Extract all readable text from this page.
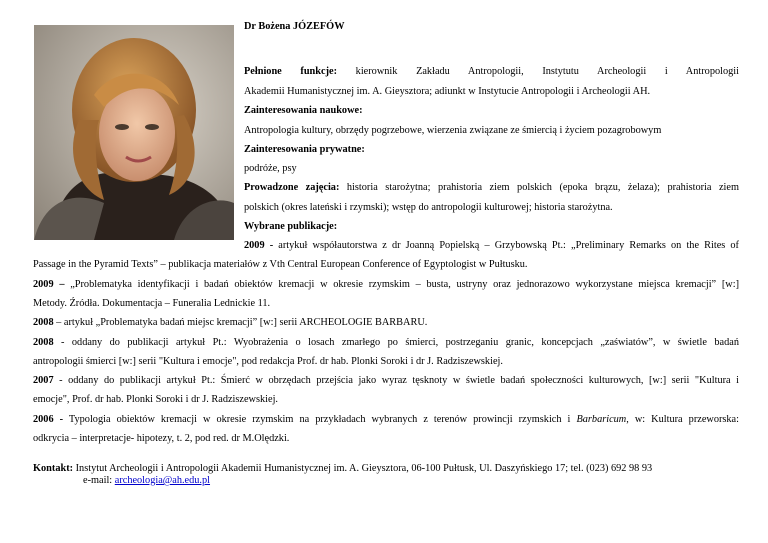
Dr Bożena JÓZEFÓW
Pełnione funkcje: kierownik Zakładu Antropologii, Instytutu Archeologii i Antropologii
Akademii Humanistycznej im. A. Gieysztora; adiunkt w Instytucie Antropologii i Archeologii AH.
Zainteresowania naukowe:
Antropologia kultury, obrzędy pogrzebowe, wierzenia związane ze śmiercią i życiem pozagrobowym
Zainteresowania prywatne:
podróże, psy
Prowadzone zajęcia: historia starożytna; prahistoria ziem polskich (epoka brązu, żelaza); prahistoria ziem
polskich (okres lateński i rzymski); wstęp do antropologii kulturowej; historia starożytna.
Wybrane publikacje:
2009 - artykuł współautorstwa z dr Joanną Popielską – Grzybowską Pt.: „Preliminary Remarks on the Rites of
Passage in the Pyramid Texts” – publikacja materiałów z Vth Central European Conference of Egyptologist w Pułtusku.
2009 – „Problematyka identyfikacji i badań obiektów kremacji w okresie rzymskim – busta, ustryny oraz jednorazowo wykorzystane miejsca kremacji” [w:]
Metody. Źródła. Dokumentacja – Funeralia Lednickie 11.
2008 – artykuł „Problematyka badań miejsc kremacji” [w:] serii ARCHEOLOGIE BARBARU.
2008 - oddany do publikacji artykuł Pt.: Wyobrażenia o losach zmarłego po śmierci, postrzeganiu granic, koncepcjach „zaświatów”, w świetle badań
antropologii śmierci [w:] serii "Kultura i emocje", pod redakcja Prof. dr hab. Plonki Soroki i dr J. Radziszewskiej.
2007 - oddany do publikacji artykuł Pt.: Śmierć w obrzędach przejścia jako wyraz tęsknoty w świetle badań społeczności kulturowych, [w:] serii "Kultura i
emocje", Prof. dr hab. Plonki Soroki i dr J. Radziszewskiej.
2006 - Typologia obiektów kremacji w okresie rzymskim na przykładach wybranych z terenów prowincji rzymskich i Barbaricum, w: Kultura przeworska:
odkrycia – interpretacje- hipotezy, t. 2, pod red. dr M.Olędzki.
Kontakt: Instytut Archeologii i Antropologii Akademii Humanistycznej im. A. Gieysztora, 06-100 Pułtusk, Ul. Daszyńskiego 17; tel. (023) 692 98 93
e-mail: archeologia@ah.edu.pl
